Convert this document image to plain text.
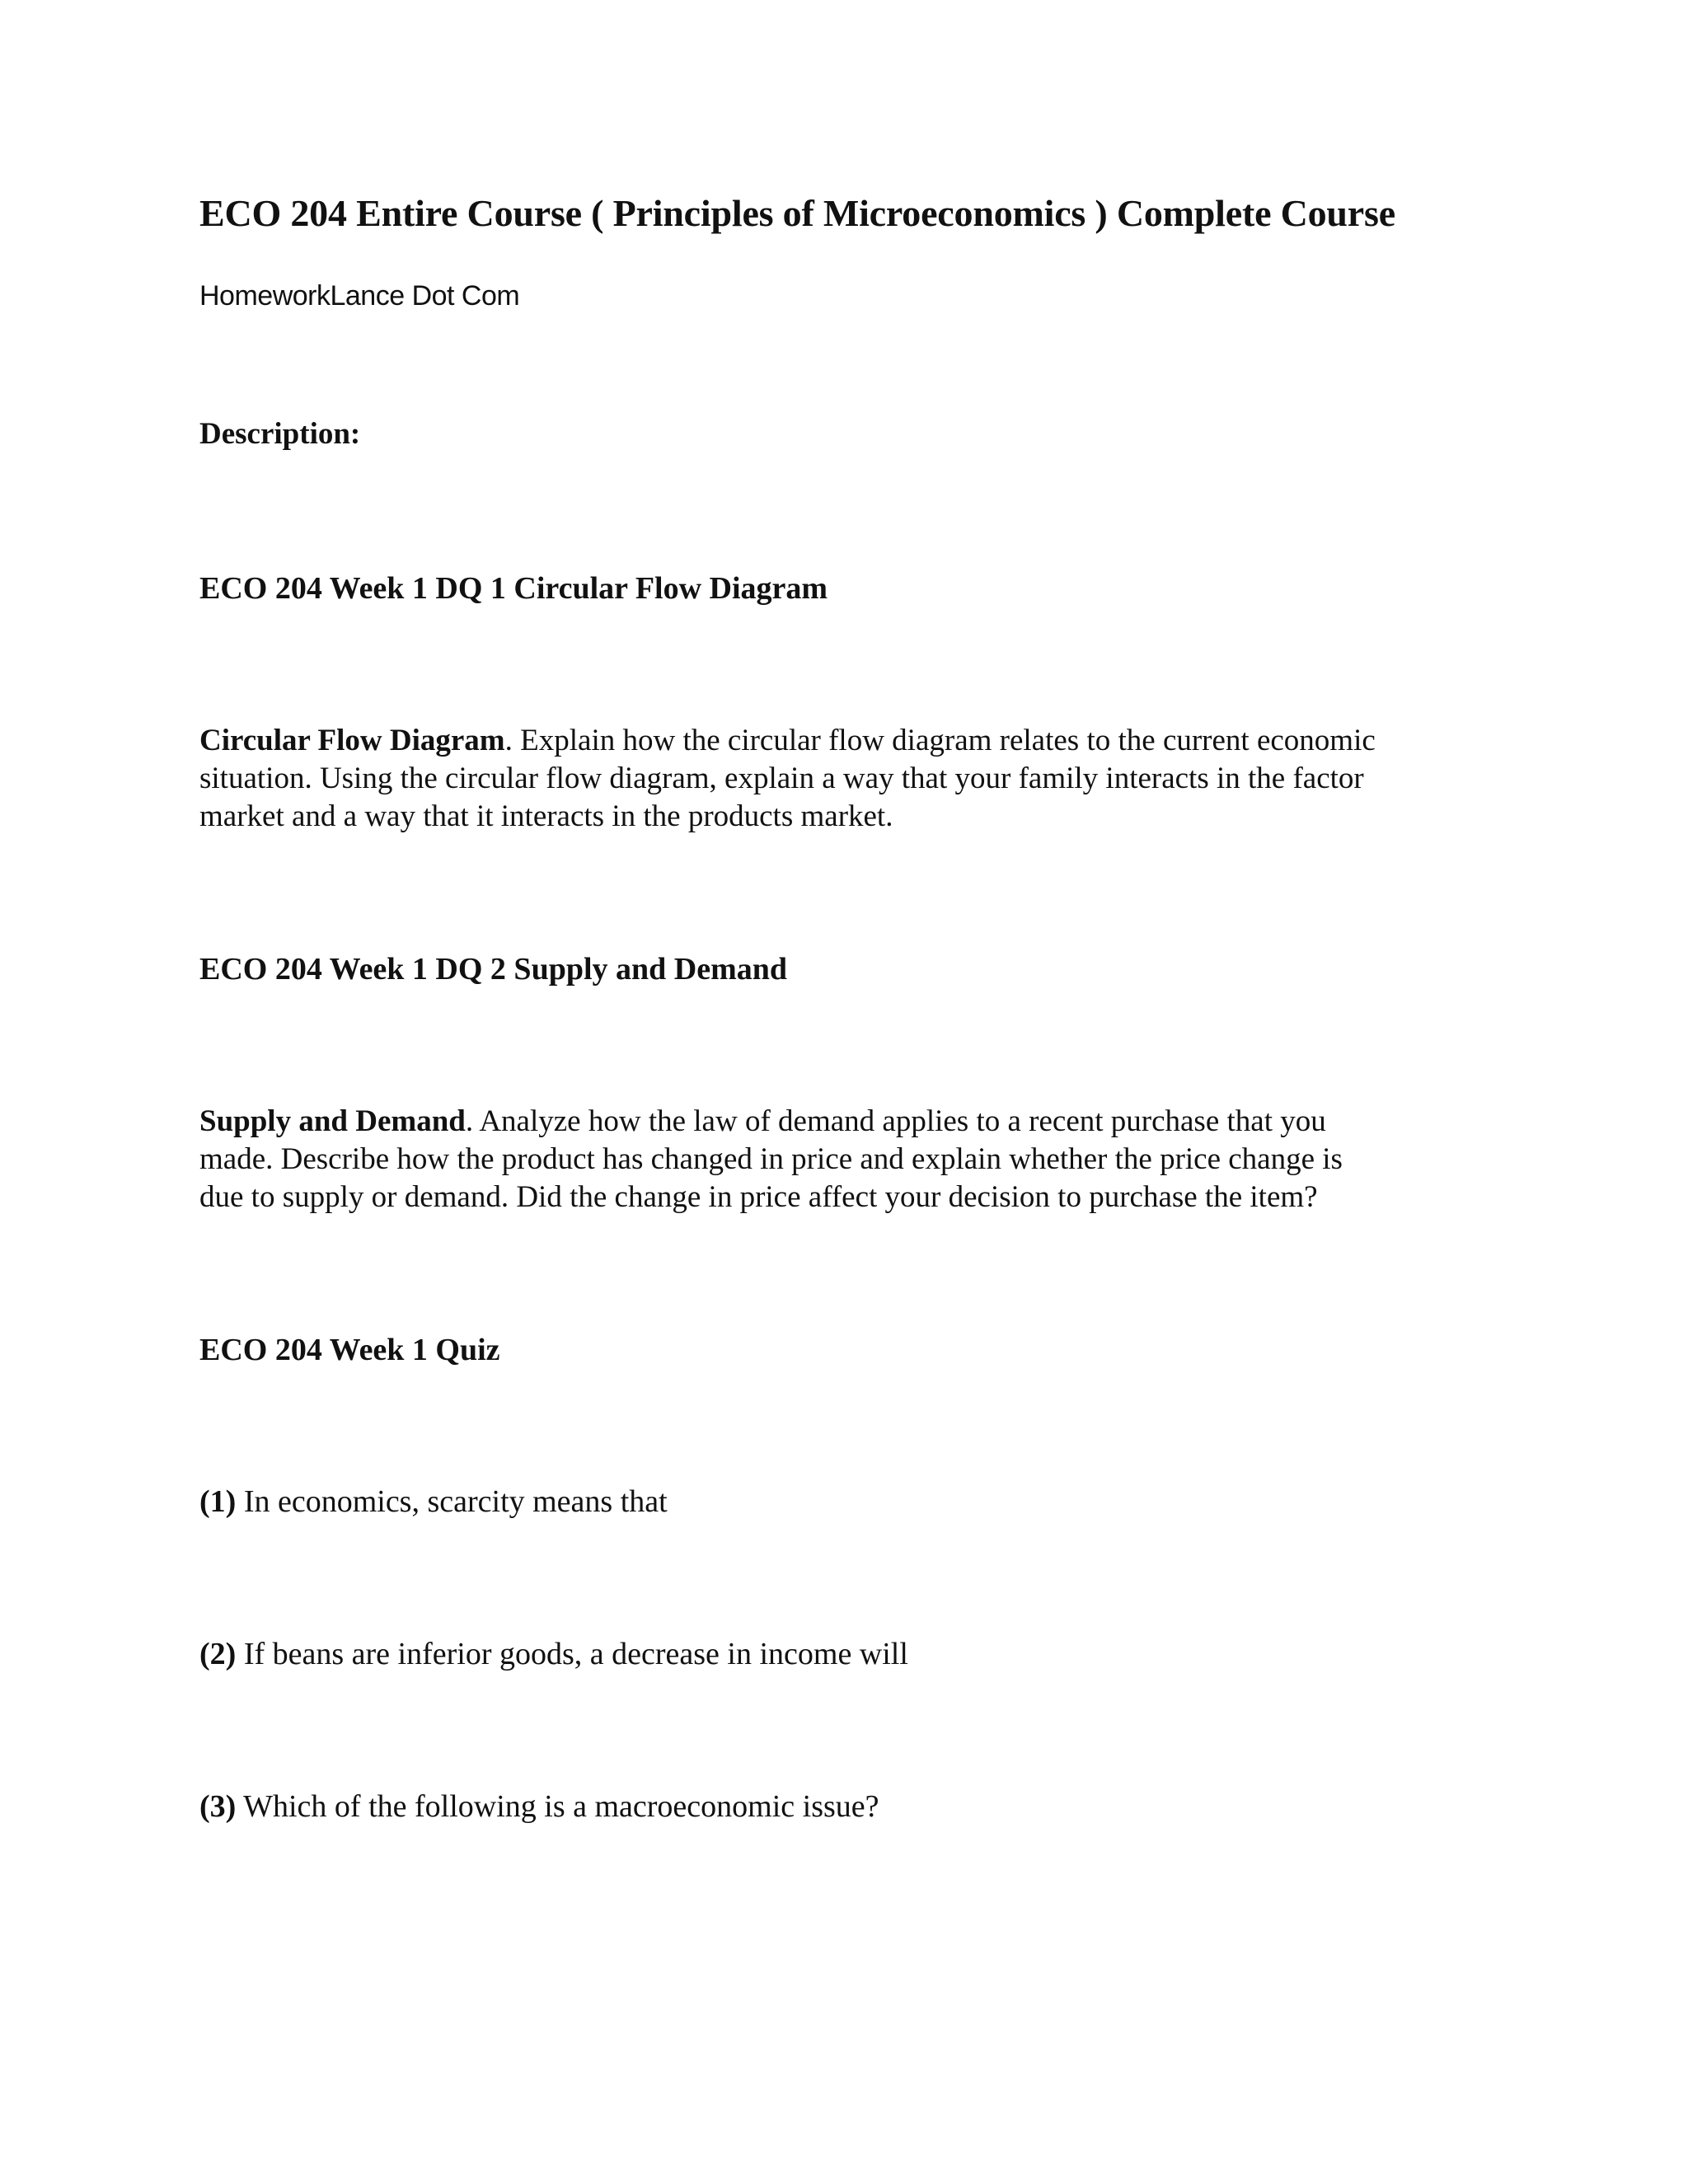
ECO 204 Entire Course ( Principles of Microeconomics ) Complete Course
HomeworkLance Dot Com
Description:
ECO 204 Week 1 DQ 1 Circular Flow Diagram

Circular Flow Diagram. Explain how the circular flow diagram relates to the current economic
situation. Using the circular flow diagram, explain a way that your family interacts in the factor
market and a way that it interacts in the products market.

ECO 204 Week 1 DQ 2 Supply and Demand

Supply and Demand. Analyze how the law of demand applies to a recent purchase that you
made. Describe how the product has changed in price and explain whether the price change is
due to supply or demand. Did the change in price affect your decision to purchase the item?

ECO 204 Week 1 Quiz
(1) In economics, scarcity means that
(2) If beans are inferior goods, a decrease in income will
(3) Which of the following is a macroeconomic issue?
